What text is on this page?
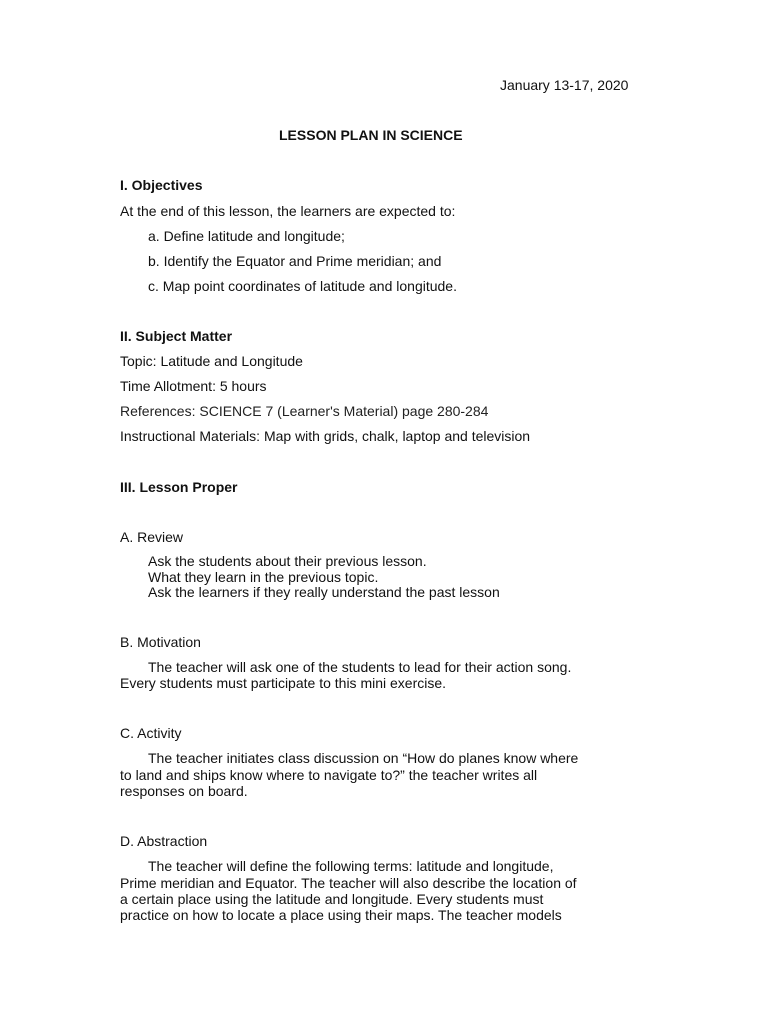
January 13-17, 2020
LESSON PLAN IN SCIENCE
I. Objectives
At the end of this lesson, the learners are expected to:
a. Define latitude and longitude;
b. Identify the Equator and Prime meridian; and
c. Map point coordinates of latitude and longitude.
II. Subject Matter
Topic: Latitude and Longitude
Time Allotment: 5 hours
References: SCIENCE 7 (Learner's Material) page 280-284
Instructional Materials: Map with grids, chalk, laptop and television
III. Lesson Proper
A. Review
Ask the students about their previous lesson.
What they learn in the previous topic.
Ask the learners if they really understand the past lesson
B. Motivation
The teacher will ask one of the students to lead for their action song.
Every students must participate to this mini exercise.
C. Activity
The teacher initiates class discussion on “How do planes know where
to land and ships know where to navigate to?” the teacher writes all
responses on board.
D. Abstraction
The teacher will define the following terms: latitude and longitude,
Prime meridian and Equator. The teacher will also describe the location of
a certain place using the latitude and longitude. Every students must
practice on how to locate a place using their maps. The teacher models
